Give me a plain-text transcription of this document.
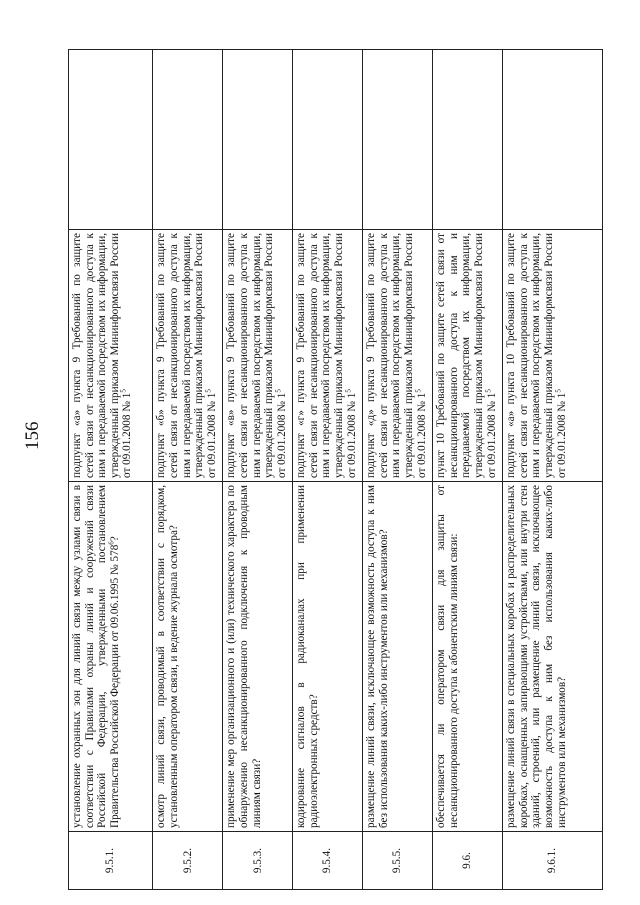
156
9.5.1.	установление охранных зон для линий связи между узлами связи в соответствии с Правилами охраны линий и сооружений связи Российской Федерации, утвержденными постановлением Правительства Российской Федерации от 09.06.1995 № $578^6$?	подпункт «а» пункта 9 Требований по защите сетей связи от несанкционированного доступа к ним и передаваемой посредством их информации, утвержденный приказом Мининформсвязи России от 09.01.2008 № $1^5$	
9.5.2.	осмотр линий связи, проводимый в соответствии с порядком, установленным оператором связи, и ведение журнала осмотра?	подпункт «б» пункта 9 Требований по защите сетей связи от несанкционированного доступа к ним и передаваемой посредством их информации, утвержденный приказом Мининформсвязи России от 09.01.2008 № $1^5$	
9.5.3.	применение мер организационного и (или) технического характера по обнаружению несанкционированного подключения к проводным линиям связи?	подпункт «в» пункта 9 Требований по защите сетей связи от несанкционированного доступа к ним и передаваемой посредством их информации, утвержденный приказом Мининформсвязи России от 09.01.2008 № $1^5$	
9.5.4.	кодирование сигналов в радиоканалах при применении радиоэлектронных средств?	подпункт «г» пункта 9 Требований по защите сетей связи от несанкционированного доступа к ним и передаваемой посредством их информации, утвержденный приказом Мининформсвязи России от 09.01.2008 № $1^5$	
9.5.5.	размещение линий связи, исключающее возможность доступа к ним без использования каких-либо инструментов или механизмов?	подпункт «д» пункта 9 Требований по защите сетей связи от несанкционированного доступа к ним и передаваемой посредством их информации, утвержденный приказом Мининформсвязи России от 09.01.2008 № $1^5$	
9.6.	обеспечивается ли оператором связи для защиты от несанкционированного доступа к абонентским линиям связи:	пункт 10 Требований по защите сетей связи от несанкционированного доступа к ним и передаваемой посредством их информации, утвержденный приказом Мининформсвязи России от 09.01.2008 № $1^5$	
9.6.1.	размещение линий связи в специальных коробах и распределительных коробках, оснащенных запирающими устройствами, или внутри стен зданий, строений, или размещение линий связи, исключающее возможность доступа к ним без использования каких-либо инструментов или механизмов?	подпункт «а» пункта 10 Требований по защите сетей связи от несанкционированного доступа к ним и передаваемой посредством их информации, утвержденный приказом Мининформсвязи России от 09.01.2008 № $1^5$	
